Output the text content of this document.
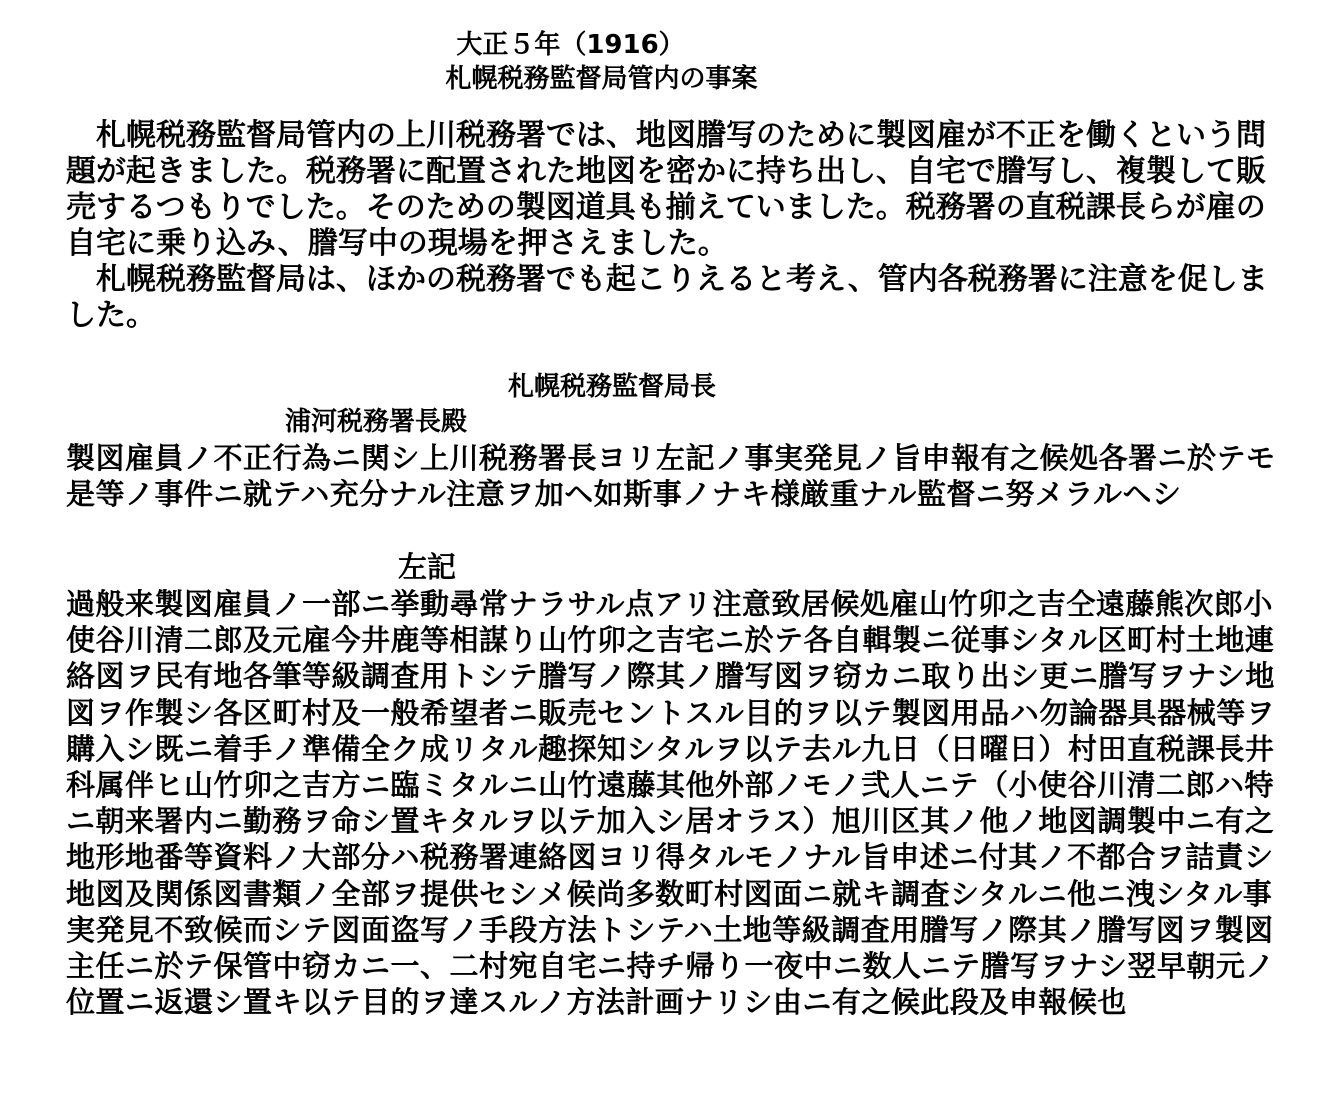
大正５年（1916）
札幌税務監督局管内の事案

札幌税務監督局管内の上川税務署では、地図謄写のために製図雇が不正を働くという問題が起きました。税務署に配置された地図を密かに持ち出し、自宅で謄写し、複製して販売するつもりでした。そのための製図道具も揃えていました。税務署の直税課長らが雇の自宅に乗り込み、謄写中の現場を押さえました。

札幌税務監督局は、ほかの税務署でも起こりえると考え、管内各税務署に注意を促しました。

札幌税務監督局長
浦河税務署長殿

製図雇員ノ不正行為ニ関シ上川税務署長ヨリ左記ノ事実発見ノ旨申報有之候処各署ニ於テモ是等ノ事件ニ就テハ充分ナル注意ヲ加ヘ如斯事ノナキ様厳重ナル監督ニ努メラルヘシ

左記

過般来製図雇員ノ一部ニ挙動尋常ナラサル点アリ注意致居候処雇山竹卯之吉仝遠藤熊次郎小使谷川清二郎及元雇今井鹿等相謀り山竹卯之吉宅ニ於テ各自輯製ニ従事シタル区町村土地連絡図ヲ民有地各筆等級調査用トシテ謄写ノ際其ノ謄写図ヲ窃カニ取り出シ更ニ謄写ヲナシ地図ヲ作製シ各区町村及一般希望者ニ販売セントスル目的ヲ以テ製図用品ハ勿論器具器械等ヲ購入シ既ニ着手ノ準備全ク成リタル趣探知シタルヲ以テ去ル九日（日曜日）村田直税課長井科属伴ヒ山竹卯之吉方ニ臨ミタルニ山竹遠藤其他外部ノモノ弐人ニテ（小使谷川清二郎ハ特ニ朝来署内ニ勤務ヲ命シ置キタルヲ以テ加入シ居オラス）旭川区其ノ他ノ地図調製中ニ有之地形地番等資料ノ大部分ハ税務署連絡図ヨリ得タルモノナル旨申述ニ付其ノ不都合ヲ詰責シ地図及関係図書類ノ全部ヲ提供セシメ候尚多数町村図面ニ就キ調査シタルニ他ニ洩シタル事実発見不致候而シテ図面盗写ノ手段方法トシテハ土地等級調査用謄写ノ際其ノ謄写図ヲ製図主任ニ於テ保管中窃カニ一、二村宛自宅ニ持チ帰り一夜中ニ数人ニテ謄写ヲナシ翌早朝元ノ位置ニ返還シ置キ以テ目的ヲ達スルノ方法計画ナリシ由ニ有之候此段及申報候也
